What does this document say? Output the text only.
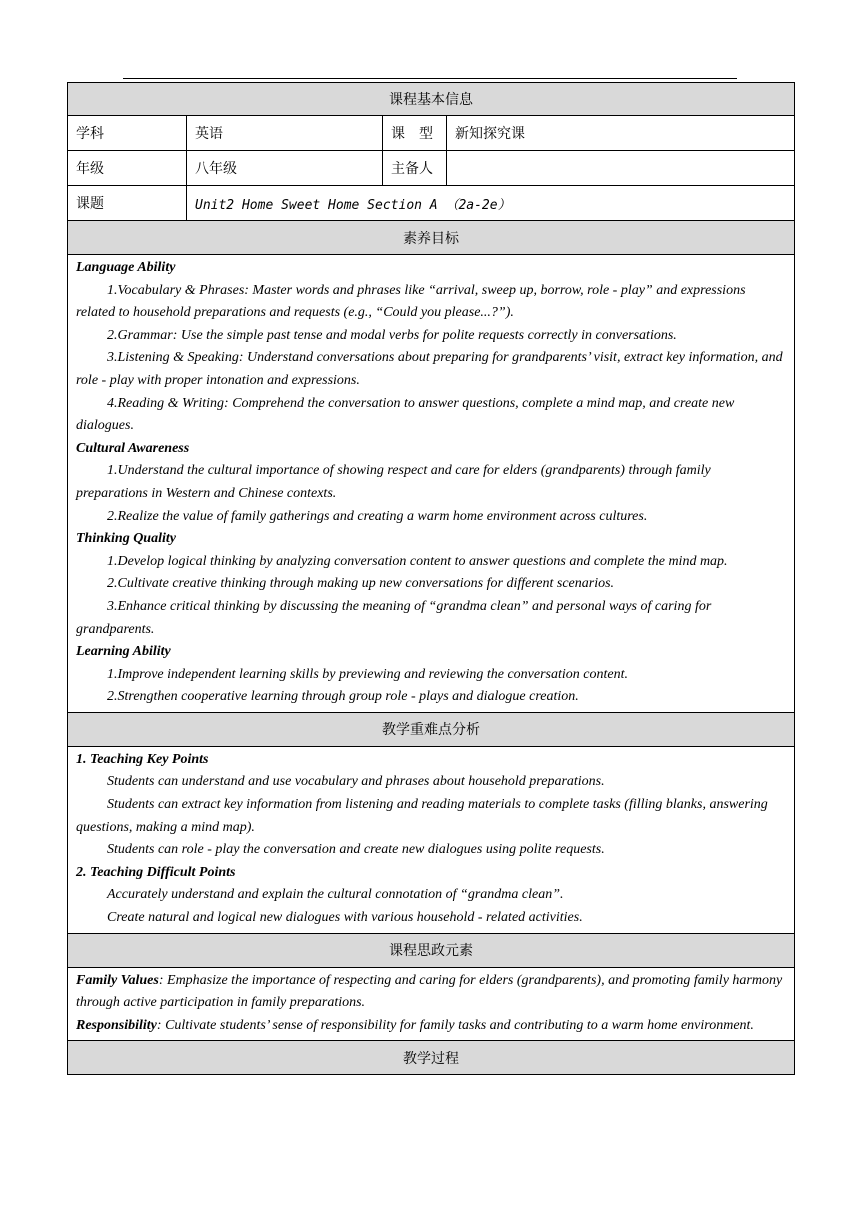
课程基本信息
学科	英语	课　型	新知探究课
年级	八年级	主备人
课题	Unit2 Home Sweet Home Section A （2a-2e）
素养目标

Language Ability

1.Vocabulary & Phrases: Master words and phrases like “arrival, sweep up, borrow, role - play” and expressions related to household preparations and requests (e.g., “Could you please...?”).

2.Grammar: Use the simple past tense and modal verbs for polite requests correctly in conversations.

3.Listening & Speaking: Understand conversations about preparing for grandparents’ visit, extract key information, and role - play with proper intonation and expressions.

4.Reading & Writing: Comprehend the conversation to answer questions, complete a mind map, and create new dialogues.

Cultural Awareness

1.Understand the cultural importance of showing respect and care for elders (grandparents) through family preparations in Western and Chinese contexts.

2.Realize the value of family gatherings and creating a warm home environment across cultures.

Thinking Quality

1.Develop logical thinking by analyzing conversation content to answer questions and complete the mind map.

2.Cultivate creative thinking through making up new conversations for different scenarios.

3.Enhance critical thinking by discussing the meaning of “grandma clean” and personal ways of caring for grandparents.

Learning Ability

1.Improve independent learning skills by previewing and reviewing the conversation content.

2.Strengthen cooperative learning through group role - plays and dialogue creation.

教学重难点分析

1. Teaching Key Points

Students can understand and use vocabulary and phrases about household preparations.

Students can extract key information from listening and reading materials to complete tasks (filling blanks, answering questions, making a mind map).

Students can role - play the conversation and create new dialogues using polite requests.

2. Teaching Difficult Points

Accurately understand and explain the cultural connotation of “grandma clean”.

Create natural and logical new dialogues with various household - related activities.

课程思政元素

Family Values: Emphasize the importance of respecting and caring for elders (grandparents), and promoting family harmony through active participation in family preparations.

Responsibility: Cultivate students’ sense of responsibility for family tasks and contributing to a warm home environment.

教学过程
